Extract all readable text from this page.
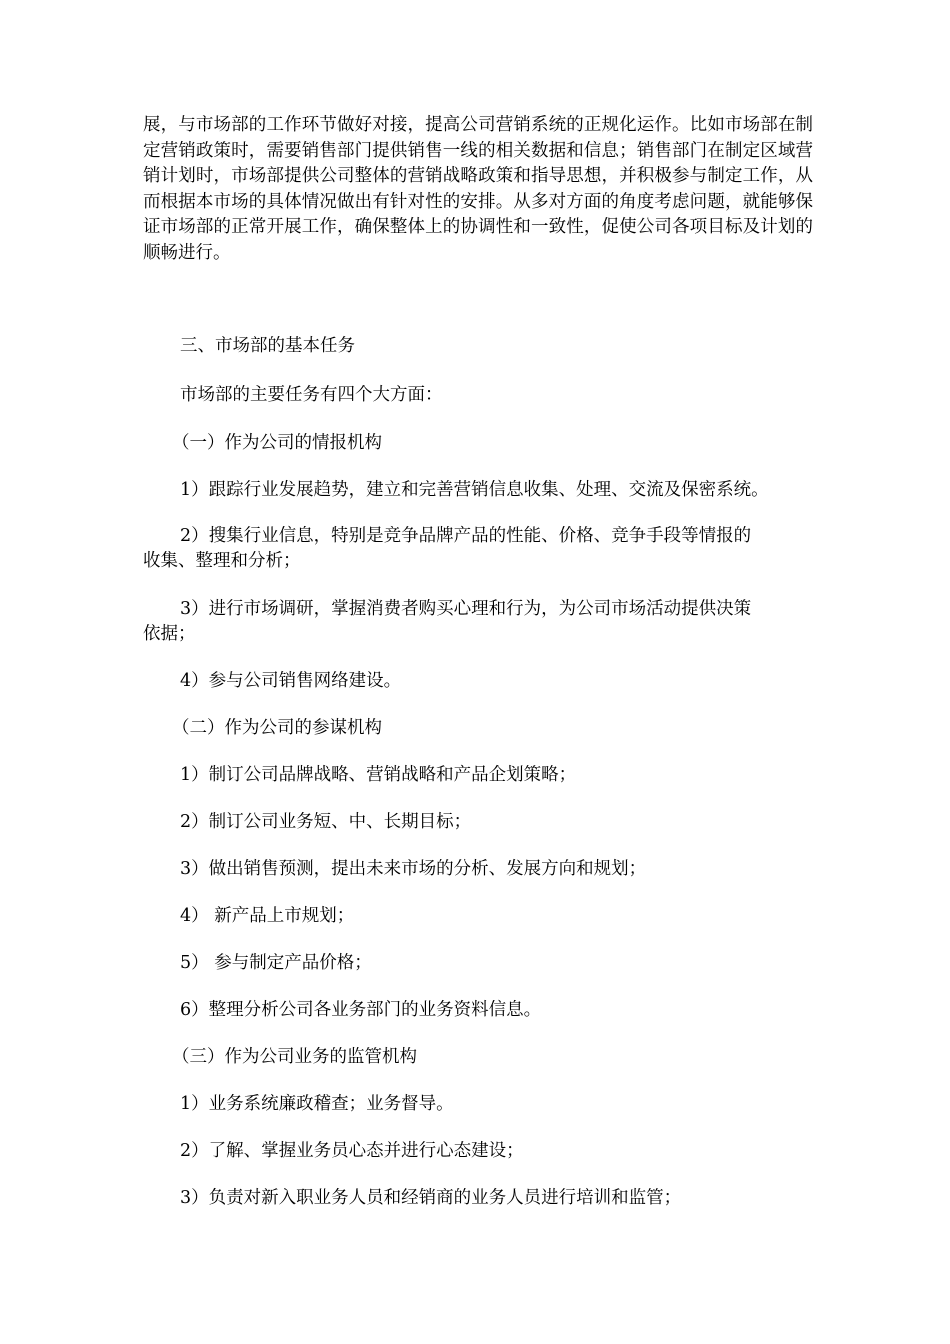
展，与市场部的工作环节做好对接，提高公司营销系统的正规化运作。比如市场部在制定营销政策时，需要销售部门提供销售一线的相关数据和信息；销售部门在制定区域营销计划时，市场部提供公司整体的营销战略政策和指导思想，并积极参与制定工作，从而根据本市场的具体情况做出有针对性的安排。从多对方面的角度考虑问题，就能够保证市场部的正常开展工作，确保整体上的协调性和一致性，促使公司各项目标及计划的顺畅进行。

三、市场部的基本任务

市场部的主要任务有四个大方面：

（一）作为公司的情报机构

1）跟踪行业发展趋势，建立和完善营销信息收集、处理、交流及保密系统。

2）搜集行业信息，特别是竞争品牌产品的性能、价格、竞争手段等情报的

收集、整理和分析；

3）进行市场调研，掌握消费者购买心理和行为，为公司市场活动提供决策

依据；

4）参与公司销售网络建设。

（二）作为公司的参谋机构

1）制订公司品牌战略、营销战略和产品企划策略；

2）制订公司业务短、中、长期目标；

3）做出销售预测，提出未来市场的分析、发展方向和规划；

4） 新产品上市规划；

5） 参与制定产品价格；

6）整理分析公司各业务部门的业务资料信息。

（三）作为公司业务的监管机构

1）业务系统廉政稽查；业务督导。

2）了解、掌握业务员心态并进行心态建设；

3）负责对新入职业务人员和经销商的业务人员进行培训和监管；
